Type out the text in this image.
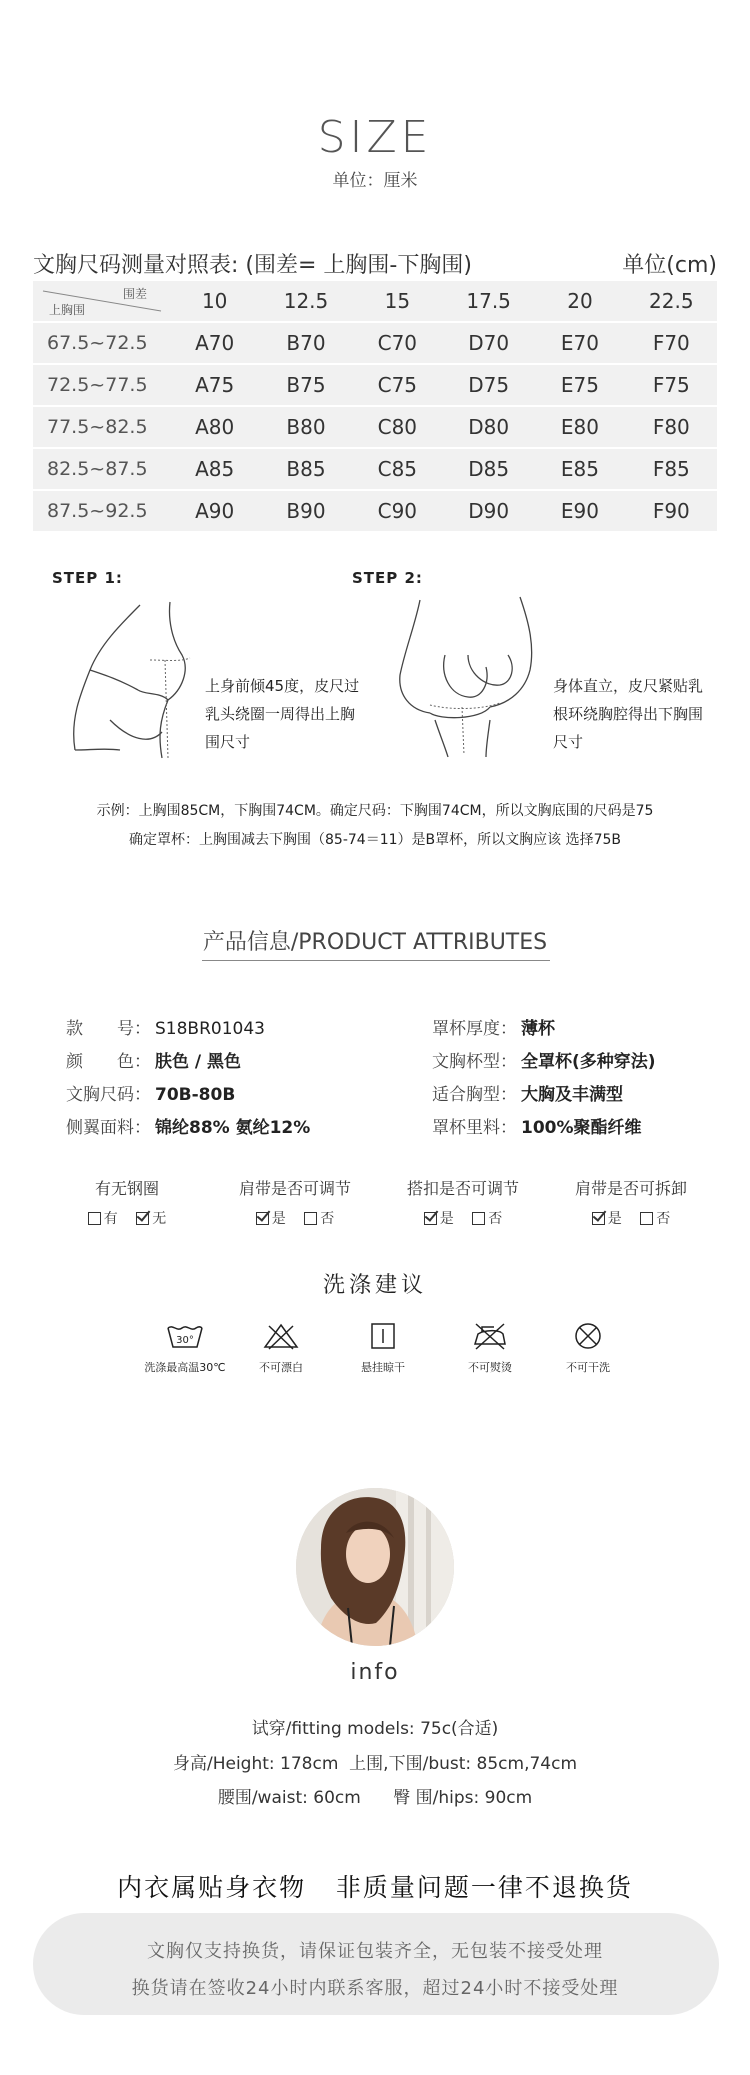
SIZE
单位：厘米
文胸尺码测量对照表: (围差= 上胸围-下胸围)	单位(cm)
围差
上胸围	10	12.5	15	17.5	20	22.5
67.5~72.5	A70	B70	C70	D70	E70	F70
72.5~77.5	A75	B75	C75	D75	E75	F75
77.5~82.5	A80	B80	C80	D80	E80	F80
82.5~87.5	A85	B85	C85	D85	E85	F85
87.5~92.5	A90	B90	C90	D90	E90	F90
STEP 1:	STEP 2:
上身前倾45度，皮尺过乳头绕圈一周得出上胸围尺寸
身体直立，皮尺紧贴乳根环绕胸腔得出下胸围尺寸
示例：上胸围85CM，下胸围74CM。确定尺码：下胸围74CM，所以文胸底围的尺码是75
确定罩杯：上胸围减去下胸围（85-74＝11）是B罩杯，所以文胸应该 选择75B
产品信息/PRODUCT ATTRIBUTES
款　　号： S18BR01043
颜　　色： 肤色 / 黑色
文胸尺码： 70B-80B
侧翼面料： 锦纶88% 氨纶12%
罩杯厚度： 薄杯
文胸杯型： 全罩杯(多种穿法)
适合胸型： 大胸及丰满型
罩杯里料： 100%聚酯纤维
有无钢圈
有 无
肩带是否可调节
是 否
搭扣是否可调节
是 否
肩带是否可拆卸
是 否
洗涤建议
30°
洗涤最高温30℃	不可漂白	悬挂晾干	不可熨烫	不可干洗
info
试穿/fitting models: 75c(合适)
身高/Height: 178cm  上围,下围/bust: 85cm,74cm
腰围/waist: 60cm      臀 围/hips: 90cm
内衣属贴身衣物   非质量问题一律不退换货
文胸仅支持换货，请保证包装齐全，无包装不接受处理
换货请在签收24小时内联系客服，超过24小时不接受处理
